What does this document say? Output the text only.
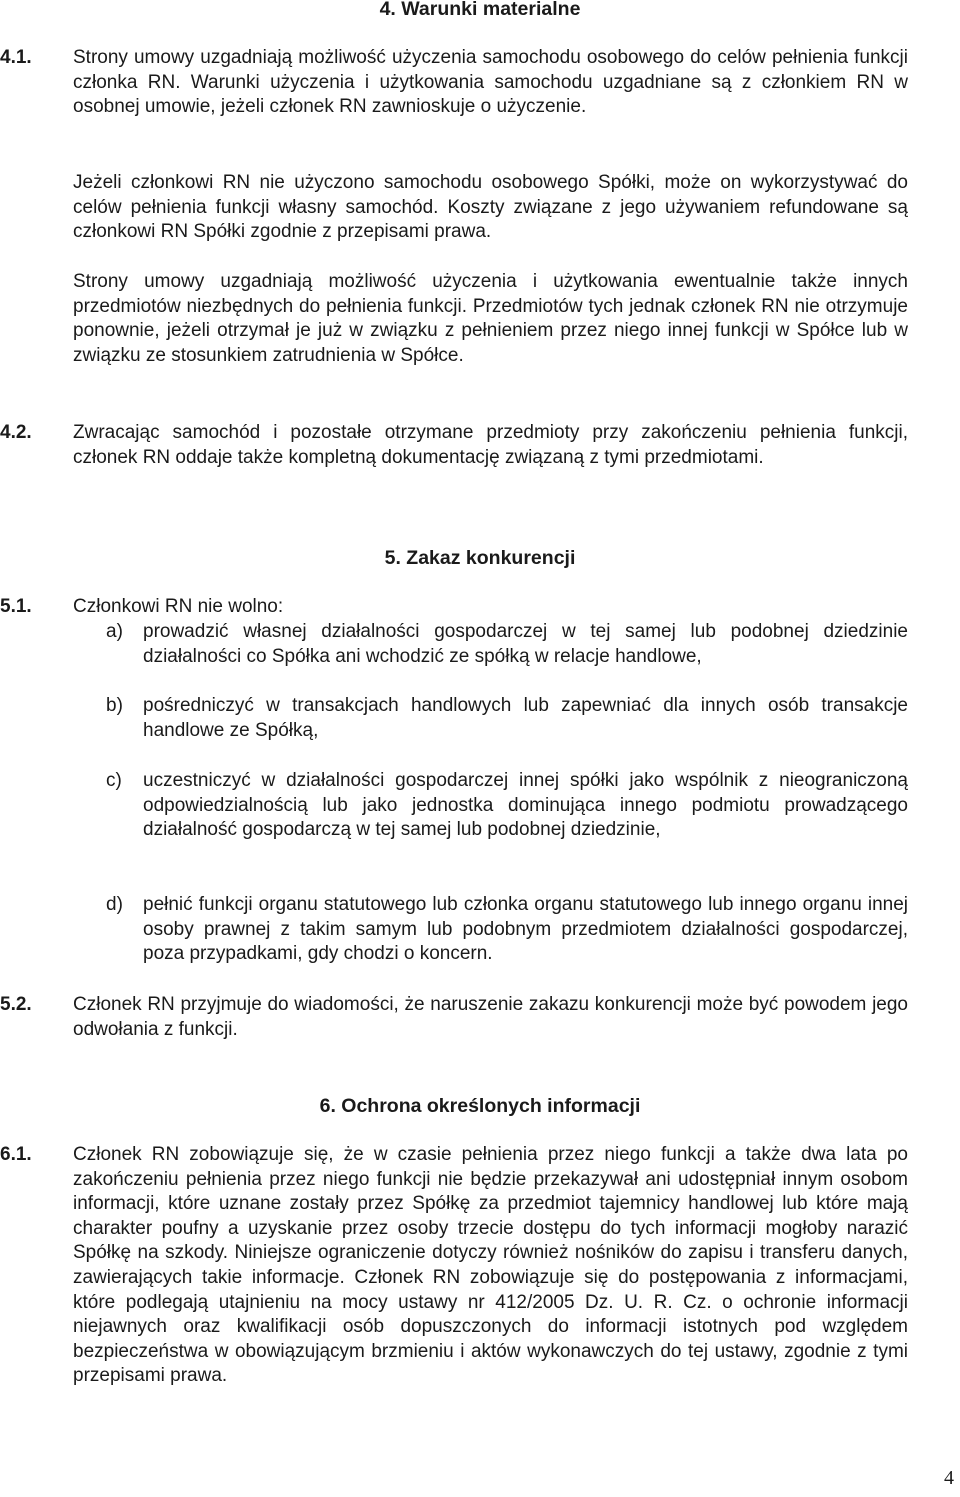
4. Warunki materialne
4.1. Strony umowy uzgadniają możliwość użyczenia samochodu osobowego do celów pełnienia funkcji członka RN. Warunki użyczenia i użytkowania samochodu uzgadniane są z członkiem RN w osobnej umowie, jeżeli członek RN zawnioskuje o użyczenie.
Jeżeli członkowi RN nie użyczono samochodu osobowego Spółki, może on wykorzystywać do celów pełnienia funkcji własny samochód. Koszty związane z jego używaniem refundowane są członkowi RN Spółki zgodnie z przepisami prawa.
Strony umowy uzgadniają możliwość użyczenia i użytkowania ewentualnie także innych przedmiotów niezbędnych do pełnienia funkcji. Przedmiotów tych jednak członek RN nie otrzymuje ponownie, jeżeli otrzymał je już w związku z pełnieniem przez niego innej funkcji w Spółce lub w związku ze stosunkiem zatrudnienia w Spółce.
4.2. Zwracając samochód i pozostałe otrzymane przedmioty przy zakończeniu pełnienia funkcji, członek RN oddaje także kompletną dokumentację związaną z tymi przedmiotami.
5. Zakaz konkurencji
5.1. Członkowi RN nie wolno:
a) prowadzić własnej działalności gospodarczej w tej samej lub podobnej dziedzinie działalności co Spółka ani wchodzić ze spółką w relacje handlowe,
b) pośredniczyć w transakcjach handlowych lub zapewniać dla innych osób transakcje handlowe ze Spółką,
c) uczestniczyć w działalności gospodarczej innej spółki jako wspólnik z nieograniczoną odpowiedzialnością lub jako jednostka dominująca innego podmiotu prowadzącego działalność gospodarczą w tej samej lub podobnej dziedzinie,
d) pełnić funkcji organu statutowego lub członka organu statutowego lub innego organu innej osoby prawnej z takim samym lub podobnym przedmiotem działalności gospodarczej, poza przypadkami, gdy chodzi o koncern.
5.2. Członek RN przyjmuje do wiadomości, że naruszenie zakazu konkurencji może być powodem jego odwołania z funkcji.
6. Ochrona określonych informacji
6.1. Członek RN zobowiązuje się, że w czasie pełnienia przez niego funkcji a także dwa lata po zakończeniu pełnienia przez niego funkcji nie będzie przekazywał ani udostępniał innym osobom informacji, które uznane zostały przez Spółkę za przedmiot tajemnicy handlowej lub które mają charakter poufny a uzyskanie przez osoby trzecie dostępu do tych informacji mogłoby narazić Spółkę na szkody. Niniejsze ograniczenie dotyczy również nośników do zapisu i transferu danych, zawierających takie informacje. Członek RN zobowiązuje się do postępowania z informacjami, które podlegają utajnieniu na mocy ustawy nr 412/2005 Dz. U. R. Cz. o ochronie informacji niejawnych oraz kwalifikacji osób dopuszczonych do informacji istotnych pod względem bezpieczeństwa w obowiązującym brzmieniu i aktów wykonawczych do tej ustawy, zgodnie z tymi przepisami prawa.
4
